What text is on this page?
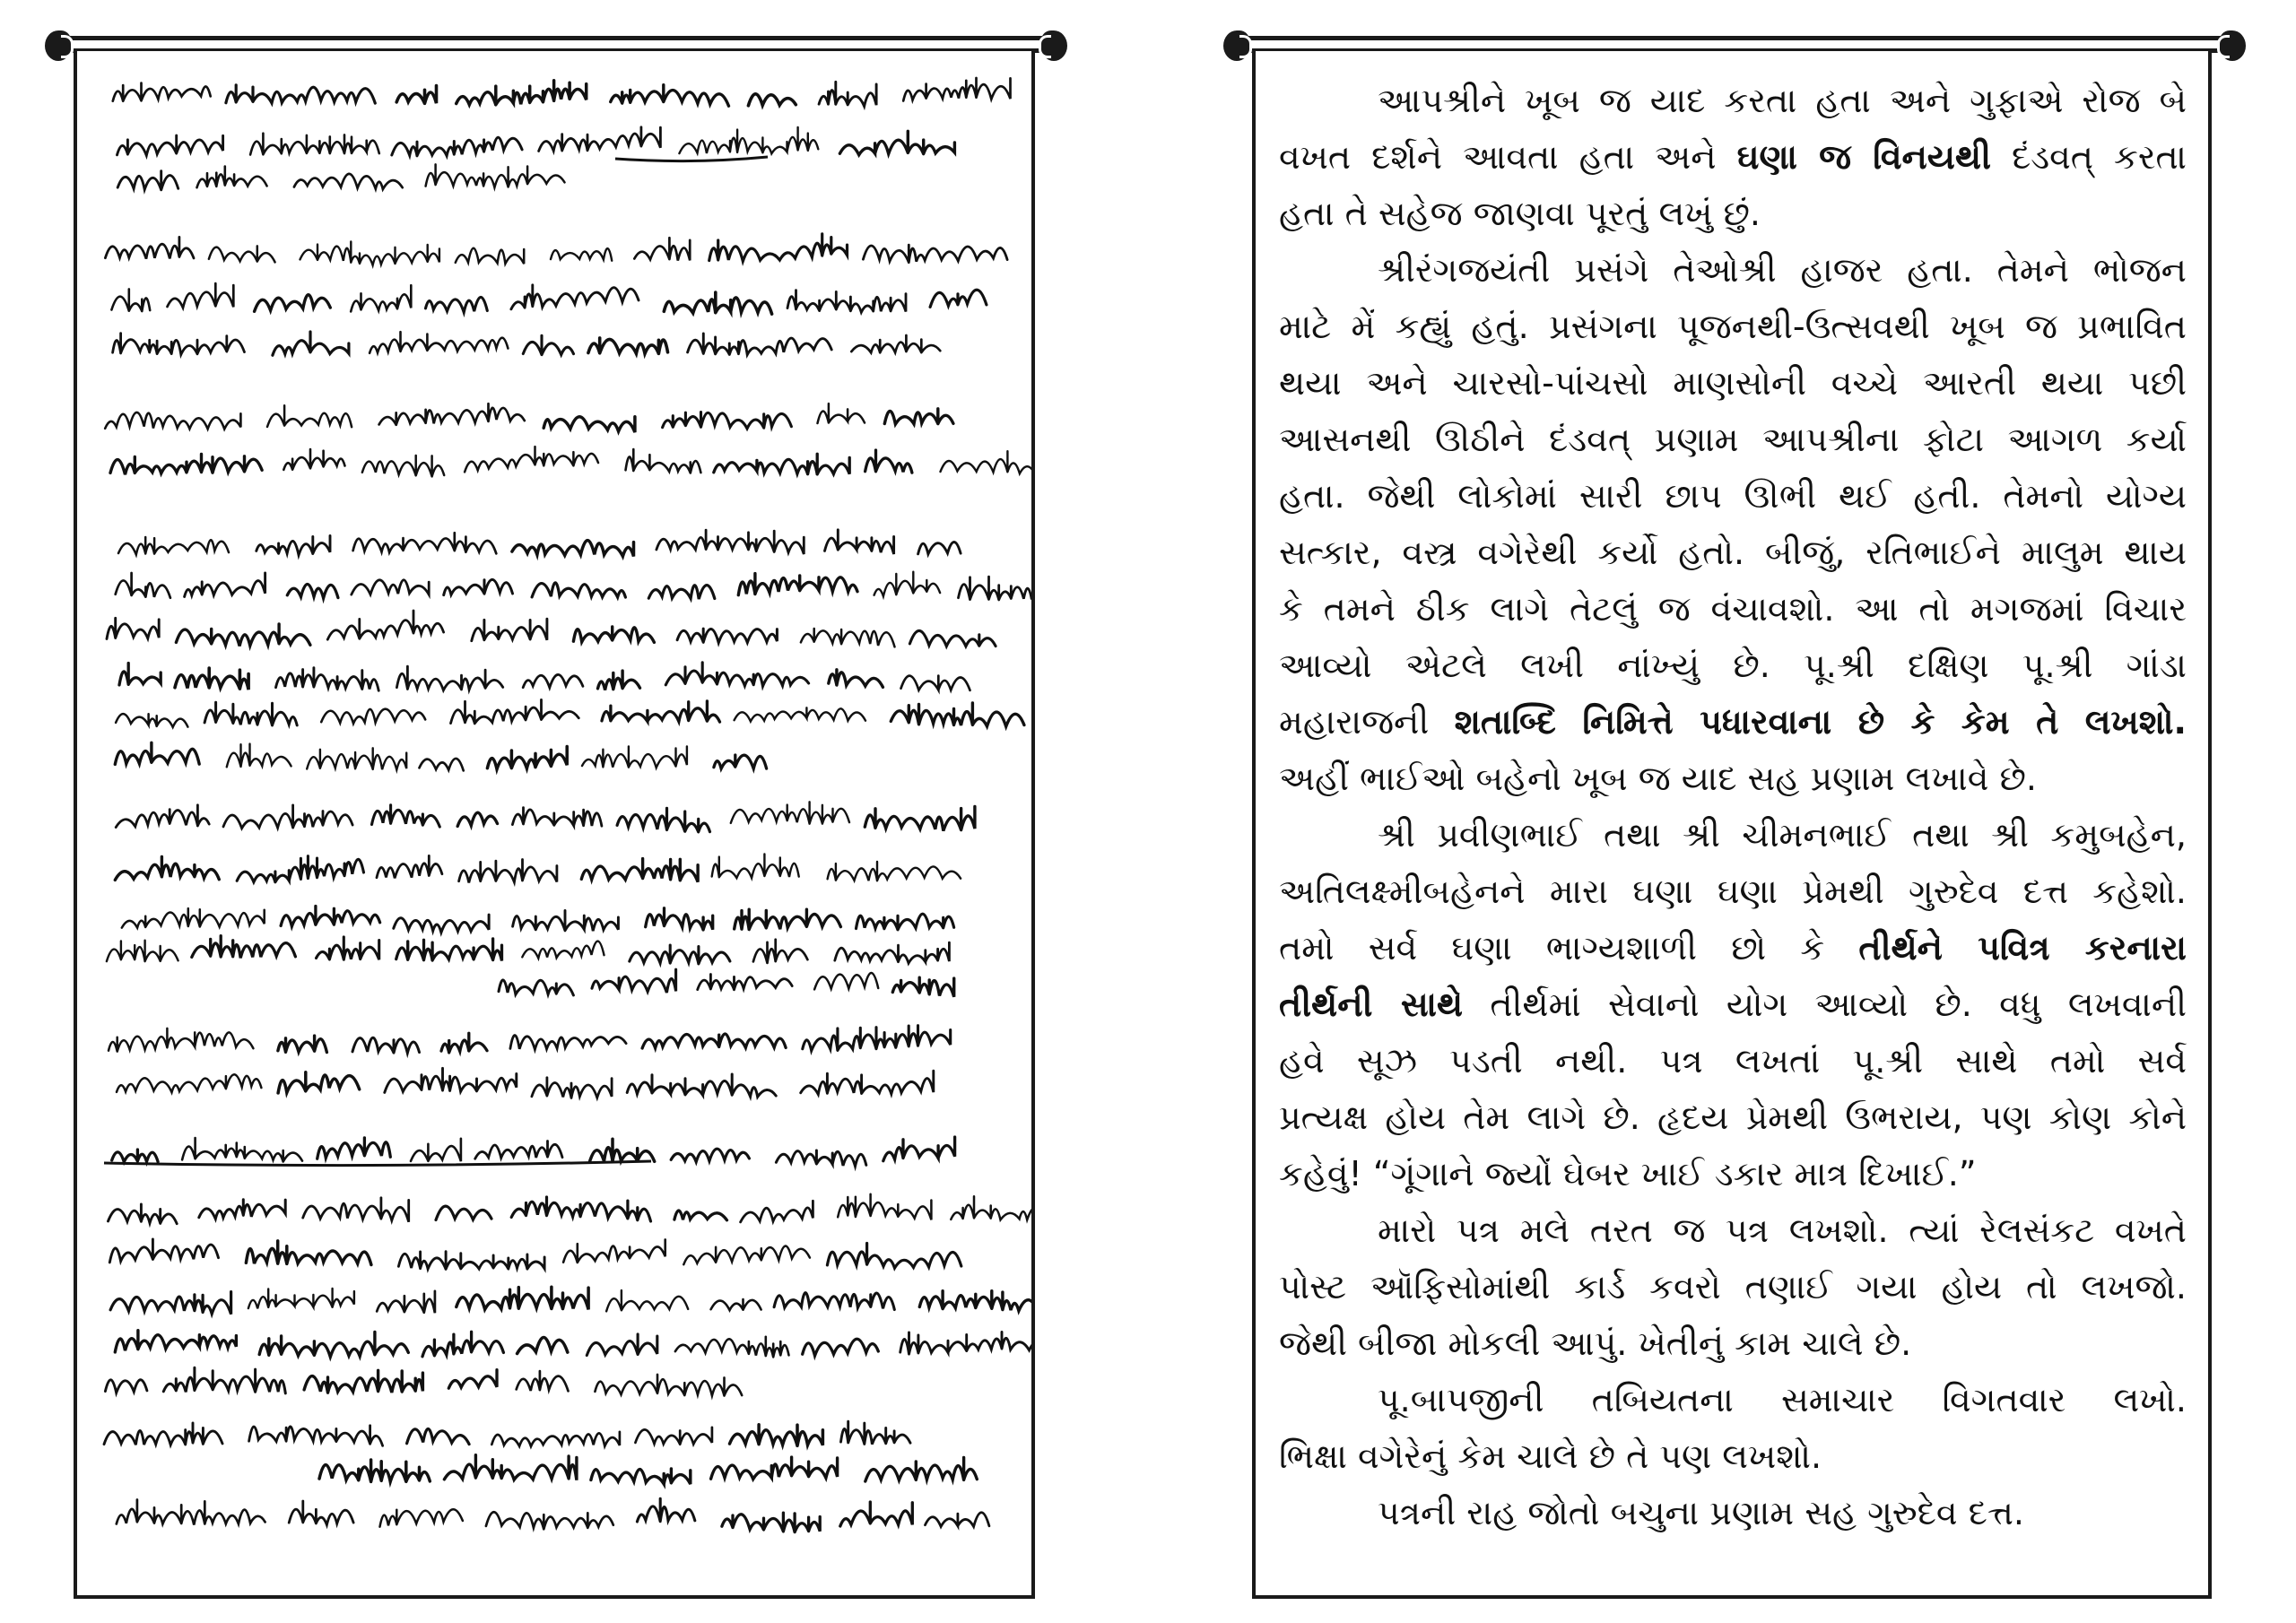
આપશ્રીને ખૂબ જ યાદ કરતા હતા અને ગુફાએ રોજ બે
વખત દર્શને આવતા હતા અને ઘણા જ વિનયથી દંડવત્ કરતા
હતા તે સહેજ જાણવા પૂરતું લખું છું.
શ્રીરંગજયંતી પ્રસંગે તેઓશ્રી હાજર હતા. તેમને ભોજન
માટે મેં કહ્યું હતું. પ્રસંગના પૂજનથી-ઉત્સવથી ખૂબ જ પ્રભાવિત
થયા અને ચારસો-પાંચસો માણસોની વચ્ચે આરતી થયા પછી
આસનથી ઊઠીને દંડવત્ પ્રણામ આપશ્રીના ફોટા આગળ કર્યા
હતા. જેથી લોકોમાં સારી છાપ ઊભી થઈ હતી. તેમનો યોગ્ય
સત્કાર, વસ્ત્ર વગેરેથી કર્યો હતો. બીજું, રતિભાઈને માલુમ થાય
કે તમને ઠીક લાગે તેટલું જ વંચાવશો. આ તો મગજમાં વિચાર
આવ્યો એટલે લખી નાંખ્યું છે. પૂ.શ્રી દક્ષિણ પૂ.શ્રી ગાંડા
મહારાજની શતાબ્દિ નિમિત્તે પધારવાના છે કે કેમ તે લખશો.
અહીં ભાઈઓ બહેનો ખૂબ જ યાદ સહ પ્રણામ લખાવે છે.
શ્રી પ્રવીણભાઈ તથા શ્રી ચીમનભાઈ તથા શ્રી કમુબહેન,
અતિલક્ષ્મીબહેનને મારા ઘણા ઘણા પ્રેમથી ગુરુદેવ દત્ત કહેશો.
તમો સર્વ ઘણા ભાગ્યશાળી છો કે તીર્થને પવિત્ર કરનારા
તીર્થની સાથે તીર્થમાં સેવાનો યોગ આવ્યો છે. વધુ લખવાની
હવે સૂઝ પડતી નથી. પત્ર લખતાં પૂ.શ્રી સાથે તમો સર્વ
પ્રત્યક્ષ હોય તેમ લાગે છે. હૃદય પ્રેમથી ઉભરાય, પણ કોણ કોને
કહેવું! “ગૂંગાને જ્યોં ઘેબર ખાઈ ડકાર માત્ર દિખાઈ.”
મારો પત્ર મલે તરત જ પત્ર લખશો. ત્યાં રેલસંકટ વખતે
પોસ્ટ ઑફિસોમાંથી કાર્ડ કવરો તણાઈ ગયા હોય તો લખજો.
જેથી બીજા મોકલી આપું. ખેતીનું કામ ચાલે છે.
પૂ.બાપજીની તબિયતના સમાચાર વિગતવાર લખો.
ભિક્ષા વગેરેનું કેમ ચાલે છે તે પણ લખશો.
પત્રની રાહ જોતો બચુના પ્રણામ સહ ગુરુદેવ દત્ત.
